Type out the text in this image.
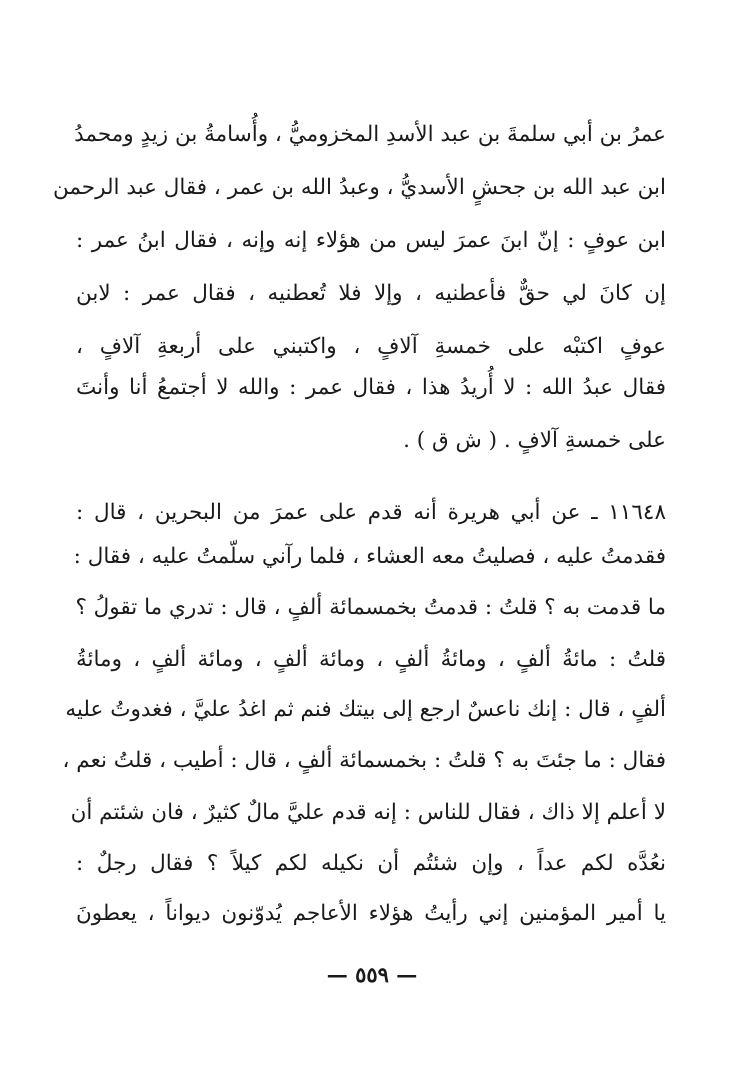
عمرُ بن أبي سلمةَ بن عبد الأسدِ المخزوميُّ ، وأُسامةُ بن زيدٍ ومحمدُ
ابن عبد الله بن جحشٍ الأسديُّ ، وعبدُ الله بن عمر ، فقال عبد الرحمن
ابن عوفٍ : إنّ ابنَ عمرَ ليس من هؤلاء إنه وإنه ، فقال ابنُ عمر :
إن كانَ لي حقٌّ فأعطنيه ، وإلا فلا تُعطنيه ، فقال عمر : لابن
عوفٍ اكتبْه على خمسةِ آلافٍ ، واكتبني على أربعةِ آلافٍ ،
فقال عبدُ الله : لا أُريدُ هذا ، فقال عمر : والله لا أجتمعُ أنا وأنتَ
على خمسةِ آلافٍ . ( ش ق ) .
١١٦٤٨ ـ عن أبي هريرة أنه قدم على عمرَ من البحرين ، قال :
فقدمتُ عليه ، فصليتُ معه العشاء ، فلما رآني سلّمتُ عليه ، فقال :
ما قدمت به ؟ قلتُ : قدمتُ بخمسمائة ألفٍ ، قال : تدري ما تقولُ ؟
قلتُ : مائةُ ألفٍ ، ومائةُ ألفٍ ، ومائة ألفٍ ، ومائة ألفٍ ، ومائةُ
ألفٍ ، قال : إنك ناعسٌ ارجع إلى بيتك فنم ثم اغدُ عليَّ ، فغدوتُ عليه
فقال : ما جئتَ به ؟ قلتُ : بخمسمائة ألفٍ ، قال : أطيب ، قلتُ نعم ،
لا أعلم إلا ذاك ، فقال للناس : إنه قدم عليَّ مالٌ كثيرٌ ، فان شئتم أن
نعُدَّه لكم عداً ، وإن شئتُم أن نكيله لكم كيلاً ؟ فقال رجلٌ :
يا أمير المؤمنين إني رأيتُ هؤلاء الأعاجم يُدوّنون ديواناً ، يعطونَ
— ٥٥٩ —
